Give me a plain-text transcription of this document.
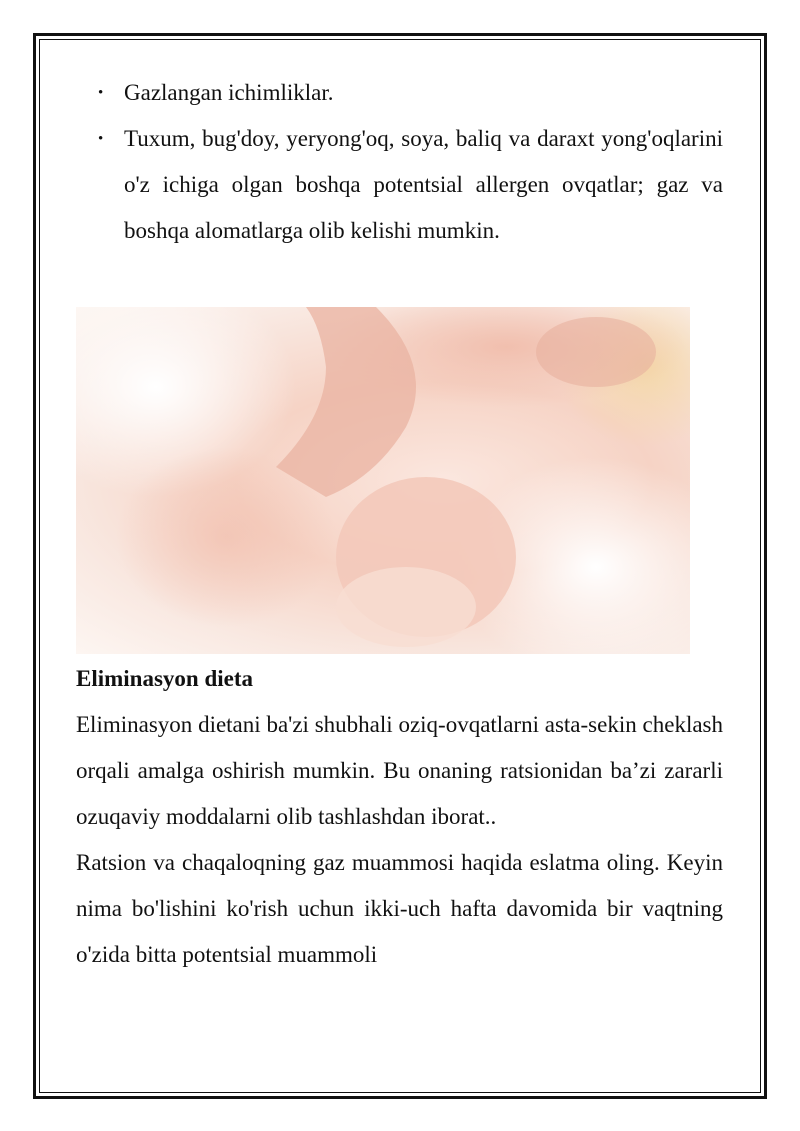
• Gazlangan ichimliklar.
• Tuxum, bug'doy, yeryong'oq, soya, baliq va daraxt yong'oqlarini o'z ichiga olgan boshqa potentsial allergen ovqatlar; gaz va boshqa alomatlarga olib kelishi mumkin.

Eliminasyon dieta

Eliminasyon dietani ba'zi shubhali oziq-ovqatlarni asta-sekin cheklash orqali amalga oshirish mumkin. Bu onaning ratsionidan ba’zi zararli ozuqaviy moddalarni olib tashlashdan iborat..

Ratsion va chaqaloqning gaz muammosi haqida eslatma oling. Keyin nima bo'lishini ko'rish uchun ikki-uch hafta davomida bir vaqtning o'zida bitta potentsial muammoli
